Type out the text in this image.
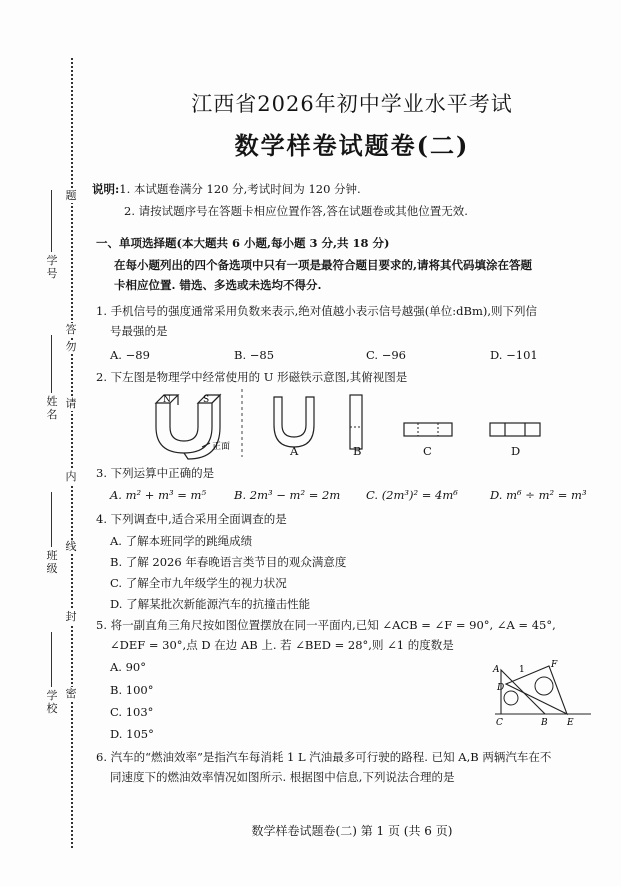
题
答
勿
请
内
线
封
密
学号
姓名
班级
学校
江西省2026年初中学业水平考试
数学样卷试题卷(二)
说明:1. 本试题卷满分 120 分,考试时间为 120 分钟.
2. 请按试题序号在答题卡相应位置作答,答在试题卷或其他位置无效.
一、单项选择题(本大题共 6 小题,每小题 3 分,共 18 分)
在每小题列出的四个备选项中只有一项是最符合题目要求的,请将其代码填涂在答题
卡相应位置. 错选、多选或未选均不得分.
1. 手机信号的强度通常采用负数来表示,绝对值越小表示信号越强(单位:dBm),则下列信
号最强的是
A. −89	B. −85	C. −96	D. −101
2. 下左图是物理学中经常使用的 U 形磁铁示意图,其俯视图是
N	S
正面	A	B	C	D
3. 下列运算中正确的是
A. m² + m³ = m⁵ B. 2m³ − m² = 2m C. (2m³)² = 4m⁶	D. m⁶ ÷ m² = m³
4. 下列调查中,适合采用全面调查的是
A. 了解本班同学的跳绳成绩
B. 了解 2026 年春晚语言类节目的观众满意度
C. 了解全市九年级学生的视力状况
D. 了解某批次新能源汽车的抗撞击性能
5. 将一副直角三角尺按如图位置摆放在同一平面内,已知 ∠ACB = ∠F = 90°, ∠A = 45°,
∠DEF = 30°,点 D 在边 AB 上. 若 ∠BED = 28°,则 ∠1 的度数是
A. 90°
B. 100°
C. 103°
D. 105°
A 1	F
D
C	B E
6. 汽车的“燃油效率”是指汽车每消耗 1 L 汽油最多可行驶的路程. 已知 A,B 两辆汽车在不
同速度下的燃油效率情况如图所示. 根据图中信息,下列说法合理的是
数学样卷试题卷(二) 第 1 页 (共 6 页)
